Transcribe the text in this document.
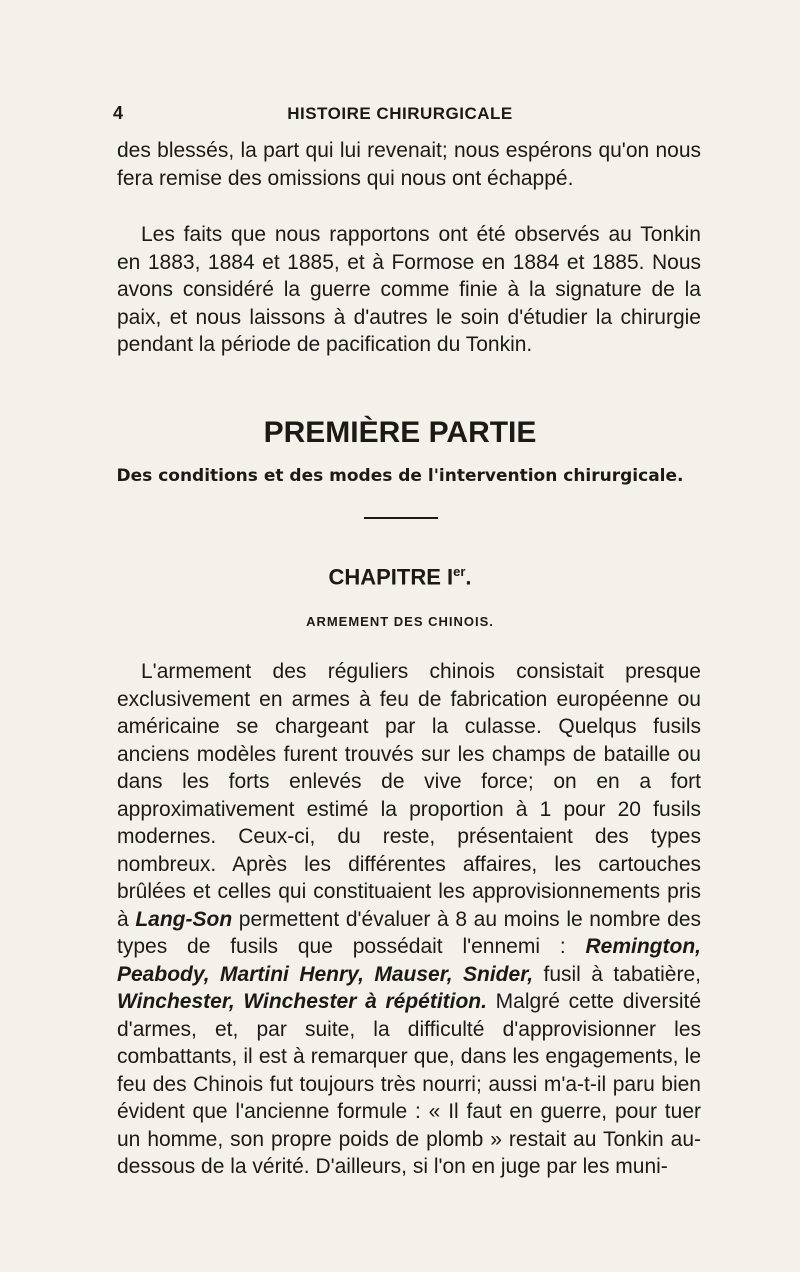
4	HISTOIRE CHIRURGICALE

des blessés, la part qui lui revenait; nous espérons qu'on nous fera remise des omissions qui nous ont échappé.

Les faits que nous rapportons ont été observés au Tonkin en 1883, 1884 et 1885, et à Formose en 1884 et 1885. Nous avons considéré la guerre comme finie à la signature de la paix, et nous laissons à d'autres le soin d'étudier la chirurgie pendant la période de pacification du Tonkin.

PREMIÈRE PARTIE
Des conditions et des modes de l'intervention chirurgicale.
CHAPITRE Ier.
ARMEMENT DES CHINOIS.

L'armement des réguliers chinois consistait presque exclusivement en armes à feu de fabrication européenne ou américaine se chargeant par la culasse. Quelqus fusils anciens modèles furent trouvés sur les champs de bataille ou dans les forts enlevés de vive force; on en a fort approximativement estimé la proportion à 1 pour 20 fusils modernes. Ceux-ci, du reste, présentaient des types nombreux. Après les différentes affaires, les cartouches brûlées et celles qui constituaient les approvisionnements pris à Lang-Son permettent d'évaluer à 8 au moins le nombre des types de fusils que possédait l'ennemi : Remington, Peabody, Martini Henry, Mauser, Snider, fusil à tabatière, Winchester, Winchester à répétition. Malgré cette diversité d'armes, et, par suite, la difficulté d'approvisionner les combattants, il est à remarquer que, dans les engagements, le feu des Chinois fut toujours très nourri; aussi m'a-t-il paru bien évident que l'ancienne formule : « Il faut en guerre, pour tuer un homme, son propre poids de plomb » restait au Tonkin au-dessous de la vérité. D'ailleurs, si l'on en juge par les muni-
